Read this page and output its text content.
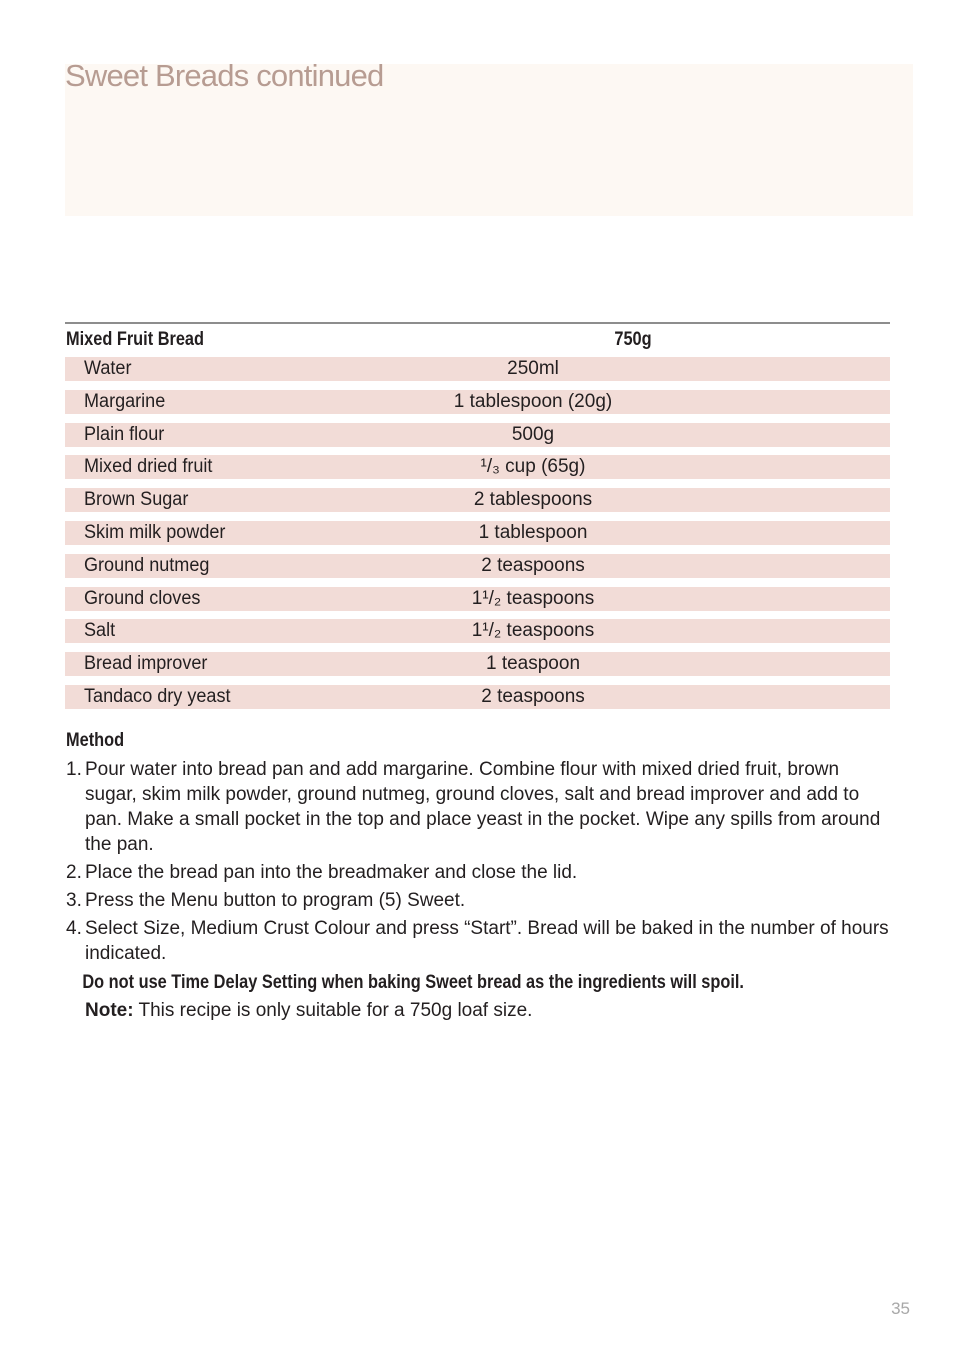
Sweet Breads continued
Mixed Fruit Bread	750g
Water	250ml
Margarine	1 tablespoon (20g)
Plain flour	500g
Mixed dried fruit	¹/₃ cup (65g)
Brown Sugar	2 tablespoons
Skim milk powder	1 tablespoon
Ground nutmeg	2 teaspoons
Ground cloves	1¹/₂ teaspoons
Salt	1¹/₂ teaspoons
Bread improver	1 teaspoon
Tandaco dry yeast	2 teaspoons
Method
1. Pour water into bread pan and add margarine. Combine flour with mixed dried fruit, brown sugar, skim milk powder, ground nutmeg, ground cloves, salt and bread improver and add to pan. Make a small pocket in the top and place yeast in the pocket. Wipe any spills from around the pan.
2. Place the bread pan into the breadmaker and close the lid.
3. Press the Menu button to program (5) Sweet.
4. Select Size, Medium Crust Colour and press “Start”. Bread will be baked in the number of hours indicated.
Do not use Time Delay Setting when baking Sweet bread as the ingredients will spoil.
Note: This recipe is only suitable for a 750g loaf size.
35
